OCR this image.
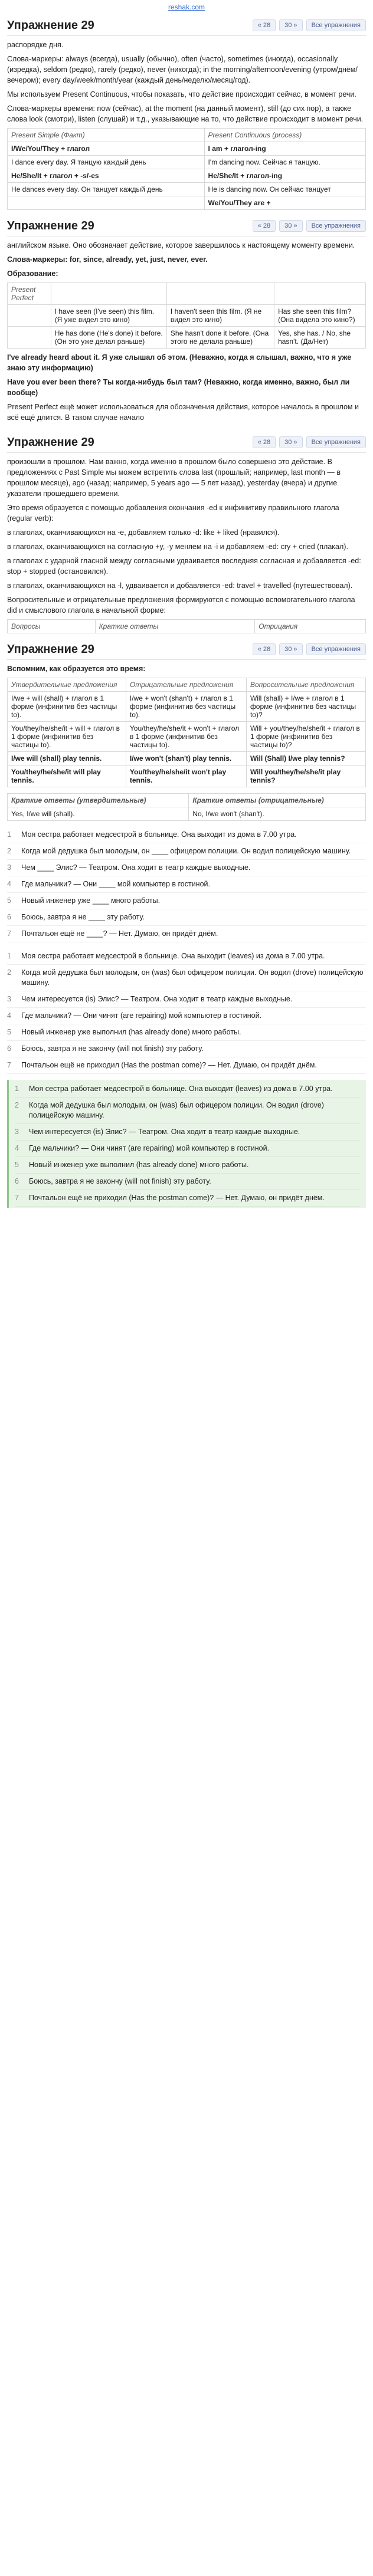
reshak.com
Упражнение 29	« 28	30 »	Все упражнения

распорядке дня.

Слова-маркеры: always (всегда), usually (обычно), often (часто), sometimes (иногда), occasionally (изредка), seldom (редко), rarely (редко), never (никогда); in the morning/afternoon/evening (утром/днём/вечером); every day/week/month/year (каждый день/неделю/месяц/год).

Мы используем Present Continuous, чтобы показать, что действие происходит сейчас, в момент речи.

Слова-маркеры времени: now (сейчас), at the moment (на данный момент), still (до сих пор), а также слова look (смотри), listen (слушай) и т.д., указывающие на то, что действие происходит в момент речи.

Present Simple (Факт)	Present Continuous (process)
I/We/You/They + глагол	I am + глагол-ing
I dance every day. Я танцую каждый день	I'm dancing now. Сейчас я танцую.
He/She/It + глагол + -s/-es	He/She/It + глагол-ing
He dances every day. Он танцует каждый день	He is dancing now. Он сейчас танцует
	We/You/They are +
Упражнение 29	« 28	30 »	Все упражнения

английском языке. Оно обозначает действие, которое завершилось к настоящему моменту времени.

Слова-маркеры: for, since, already, yet, just, never, ever.

Образование:

Present Perfect			
	I have seen (I've seen) this film. (Я уже видел это кино)	I haven't seen this film. (Я не видел это кино)	Has she seen this film? (Она видела это кино?)
	He has done (He's done) it before. (Он это уже делал раньше)	She hasn't done it before. (Она этого не делала раньше)	Yes, she has. / No, she hasn't. (Да/Нет)

I've already heard about it. Я уже слышал об этом. (Неважно, когда я слышал, важно, что я уже знаю эту информацию)

Have you ever been there? Ты когда-нибудь был там? (Неважно, когда именно, важно, был ли вообще)

Present Perfect ещё может использоваться для обозначения действия, которое началось в прошлом и всё ещё длится. В таком случае начало

Упражнение 29	« 28	30 »	Все упражнения

произошли в прошлом. Нам важно, когда именно в прошлом было совершено это действие. В предложениях с Past Simple мы можем встретить слова last (прошлый; например, last month — в прошлом месяце), ago (назад; например, 5 years ago — 5 лет назад), yesterday (вчера) и другие указатели прошедшего времени.

Это время образуется с помощью добавления окончания -ed к инфинитиву правильного глагола (regular verb):

в глаголах, оканчивающихся на -e, добавляем только -d: like + liked (нравился).

в глаголах, оканчивающихся на согласную +y, -y меняем на -i и добавляем -ed: cry + cried (плакал).

в глаголах с ударной гласной между согласными удваивается последняя согласная и добавляется -ed: stop + stopped (остановился).

в глаголах, оканчивающихся на -l, удваивается и добавляется -ed: travel + travelled (путешествовал).

Вопросительные и отрицательные предложения формируются с помощью вспомогательного глагола did и смыслового глагола в начальной форме:

Вопросы	Краткие ответы	Отрицания
Упражнение 29	« 28	30 »	Все упражнения

Вспомним, как образуется это время:

Утвердительные предложения	Отрицательные предложения	Вопросительные предложения
I/we + will (shall) + глагол в 1 форме (инфинитив без частицы to).	I/we + won't (shan't) + глагол в 1 форме (инфинитив без частицы to).	Will (shall) + I/we + глагол в 1 форме (инфинитив без частицы to)?
You/they/he/she/it + will + глагол в 1 форме (инфинитив без частицы to).	You/they/he/she/it + won't + глагол в 1 форме (инфинитив без частицы to).	Will + you/they/he/she/it + глагол в 1 форме (инфинитив без частицы to)?
I/we will (shall) play tennis.	I/we won't (shan't) play tennis.	Will (Shall) I/we play tennis?
You/they/he/she/it will play tennis.	You/they/he/she/it won't play tennis.	Will you/they/he/she/it play tennis?
Краткие ответы (утвердительные)	Краткие ответы (отрицательные)
Yes, I/we will (shall).	No, I/we won't (shan't).
1	Моя сестра работает медсестрой в больнице. Она выходит из дома в 7.00 утра.
2	Когда мой дедушка был молодым, он ____ офицером полиции. Он водил полицейскую машину.
3	Чем ____ Элис? — Театром. Она ходит в театр каждые выходные.
4	Где мальчики? — Они ____ мой компьютер в гостиной.
5	Новый инженер уже ____ много работы.
6	Боюсь, завтра я не ____ эту работу.
7	Почтальон ещё не ____? — Нет. Думаю, он придёт днём.
1	Моя сестра работает медсестрой в больнице. Она выходит (leaves) из дома в 7.00 утра.
2	Когда мой дедушка был молодым, он (was) был офицером полиции. Он водил (drove) полицейскую машину.
3	Чем интересуется (is) Элис? — Театром. Она ходит в театр каждые выходные.
4	Где мальчики? — Они чинят (are repairing) мой компьютер в гостиной.
5	Новый инженер уже выполнил (has already done) много работы.
6	Боюсь, завтра я не закончу (will not finish) эту работу.
7	Почтальон ещё не приходил (Has the postman come)? — Нет. Думаю, он придёт днём.
1	Моя сестра работает медсестрой в больнице. Она выходит (leaves) из дома в 7.00 утра.
2	Когда мой дедушка был молодым, он (was) был офицером полиции. Он водил (drove) полицейскую машину.
3	Чем интересуется (is) Элис? — Театром. Она ходит в театр каждые выходные.
4	Где мальчики? — Они чинят (are repairing) мой компьютер в гостиной.
5	Новый инженер уже выполнил (has already done) много работы.
6	Боюсь, завтра я не закончу (will not finish) эту работу.
7	Почтальон ещё не приходил (Has the postman come)? — Нет. Думаю, он придёт днём.
